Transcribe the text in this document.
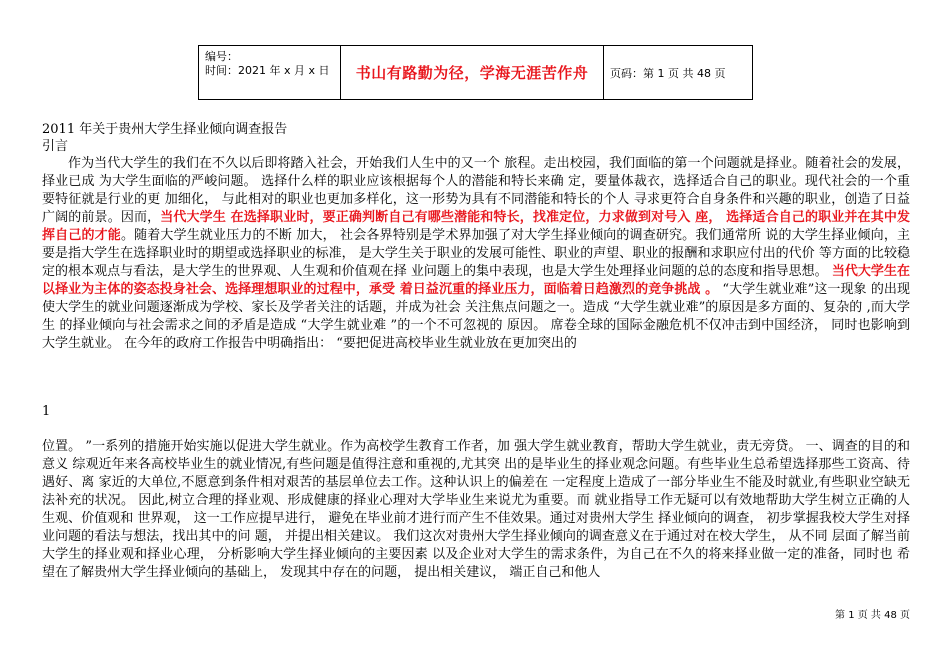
编号：
时间：2021 年 x 月 x 日	书山有路勤为径，学海无涯苦作舟	页码：第 1 页 共 48 页
2011 年关于贵州大学生择业倾向调查报告
引言

作为当代大学生的我们在不久以后即将踏入社会，开始我们人生中的又一个 旅程。走出校园，我们面临的第一个问题就是择业。随着社会的发展，择业已成 为大学生面临的严峻问题。 选择什么样的职业应该根据每个人的潜能和特长来确 定，要量体裁衣，选择适合自己的职业。现代社会的一个重要特征就是行业的更 加细化， 与此相对的职业也更加多样化，这一形势为具有不同潜能和特长的个人 寻求更符合自身条件和兴趣的职业，创造了日益广阔的前景。因而，当代大学生 在选择职业时，要正确判断自己有哪些潜能和特长，找准定位，力求做到对号入 座， 选择适合自己的职业并在其中发挥自己的才能。随着大学生就业压力的不断 加大， 社会各界特别是学术界加强了对大学生择业倾向的调查研究。我们通常所 说的大学生择业倾向，主要是指大学生在选择职业时的期望或选择职业的标准， 是大学生关于职业的发展可能性、职业的声望、职业的报酬和求职应付出的代价 等方面的比较稳定的根本观点与看法，是大学生的世界观、人生观和价值观在择 业问题上的集中表现，也是大学生处理择业问题的总的态度和指导思想。 当代大学生在以择业为主体的姿态投身社会、选择理想职业的过程中，承受 着日益沉重的择业压力，面临着日趋激烈的竞争挑战 。 “大学生就业难”这一现象 的出现使大学生的就业问题逐渐成为学校、家长及学者关注的话题，并成为社会 关注焦点问题之一。造成 “大学生就业难”的原因是多方面的、复杂的 ,而大学生 的择业倾向与社会需求之间的矛盾是造成 “大学生就业难 ”的一个不可忽视的 原因。 席卷全球的国际金融危机不仅冲击到中国经济， 同时也影响到大学生就业。 在今年的政府工作报告中明确指出： “要把促进高校毕业生就业放在更加突出的

1

位置。 ”一系列的措施开始实施以促进大学生就业。作为高校学生教育工作者，加 强大学生就业教育，帮助大学生就业，责无旁贷。 一、调查的目的和意义 综观近年来各高校毕业生的就业情况,有些问题是值得注意和重视的,尤其突 出的是毕业生的择业观念问题。有些毕业生总希望选择那些工资高、待遇好、离 家近的大单位,不愿意到条件相对艰苦的基层单位去工作。这种认识上的偏差在 一定程度上造成了一部分毕业生不能及时就业,有些职业空缺无法补充的状况。 因此,树立合理的择业观、形成健康的择业心理对大学毕业生来说尤为重要。而 就业指导工作无疑可以有效地帮助大学生树立正确的人生观、价值观和 世界观， 这一工作应提早进行， 避免在毕业前才进行而产生不佳效果。通过对贵州大学生 择业倾向的调查， 初步掌握我校大学生对择业问题的看法与想法，找出其中的问 题， 并提出相关建议。 我们这次对贵州大学生择业倾向的调查意义在于通过对在校大学生， 从不同 层面了解当前大学生的择业观和择业心理， 分析影响大学生择业倾向的主要因素 以及企业对大学生的需求条件，为自己在不久的将来择业做一定的准备，同时也 希望在了解贵州大学生择业倾向的基础上， 发现其中存在的问题， 提出相关建议， 端正自己和他人

第 1 页 共 48 页
